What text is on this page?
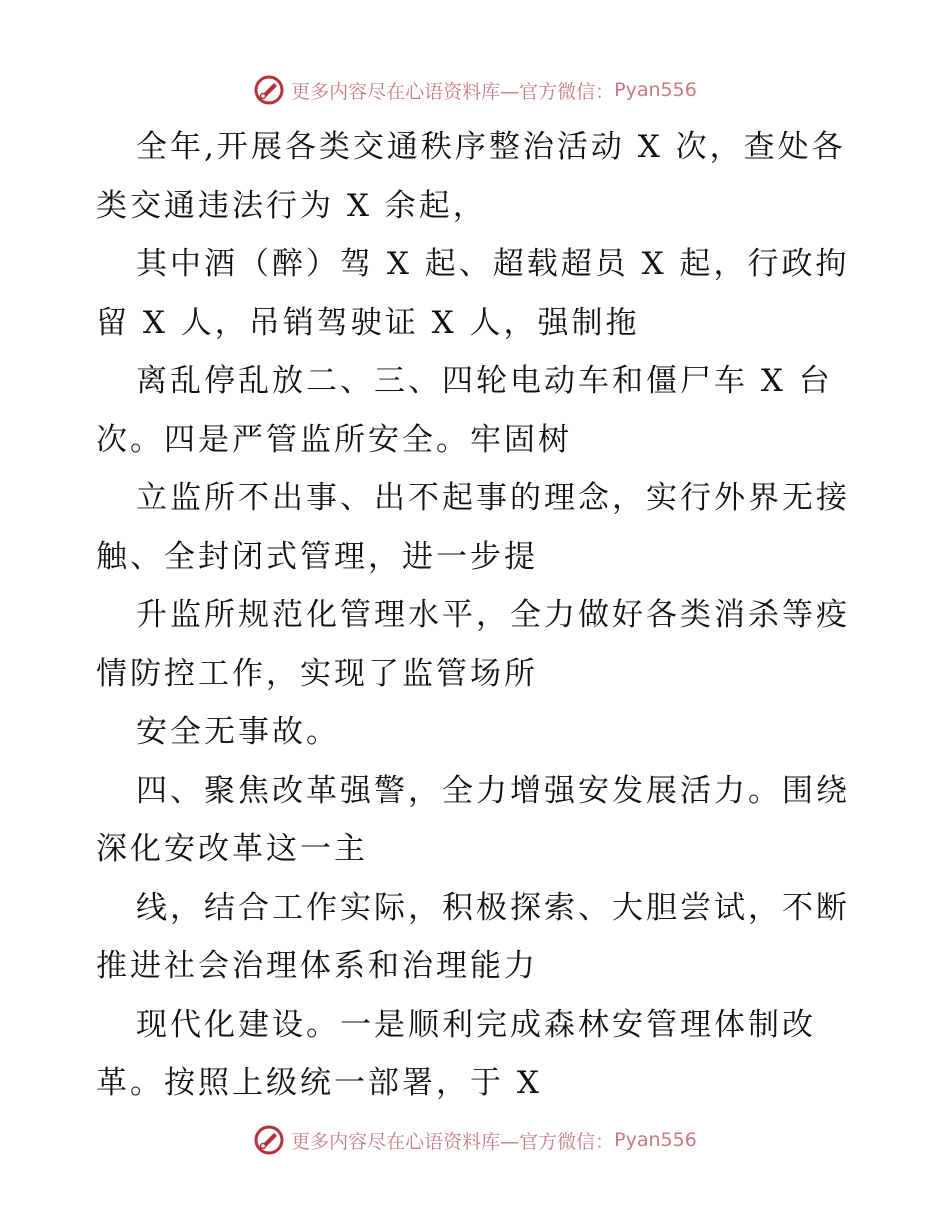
更多内容尽在心语资料库—官方微信： Pyan556
全年,开展各类交通秩序整治活动 X 次，查处各
类交通违法行为 X 余起，
其中酒（醉）驾 X 起、超载超员 X 起，行政拘
留 X 人，吊销驾驶证 X 人，强制拖
离乱停乱放二、三、四轮电动车和僵尸车 X 台
次。四是严管监所安全。牢固树
立监所不出事、出不起事的理念，实行外界无接
触、全封闭式管理，进一步提
升监所规范化管理水平，全力做好各类消杀等疫
情防控工作，实现了监管场所
安全无事故。
四、聚焦改革强警，全力增强安发展活力。围绕
深化安改革这一主
线，结合工作实际，积极探索、大胆尝试，不断
推进社会治理体系和治理能力
现代化建设。一是顺利完成森林安管理体制改
革。按照上级统一部署，于 X
更多内容尽在心语资料库—官方微信： Pyan556
